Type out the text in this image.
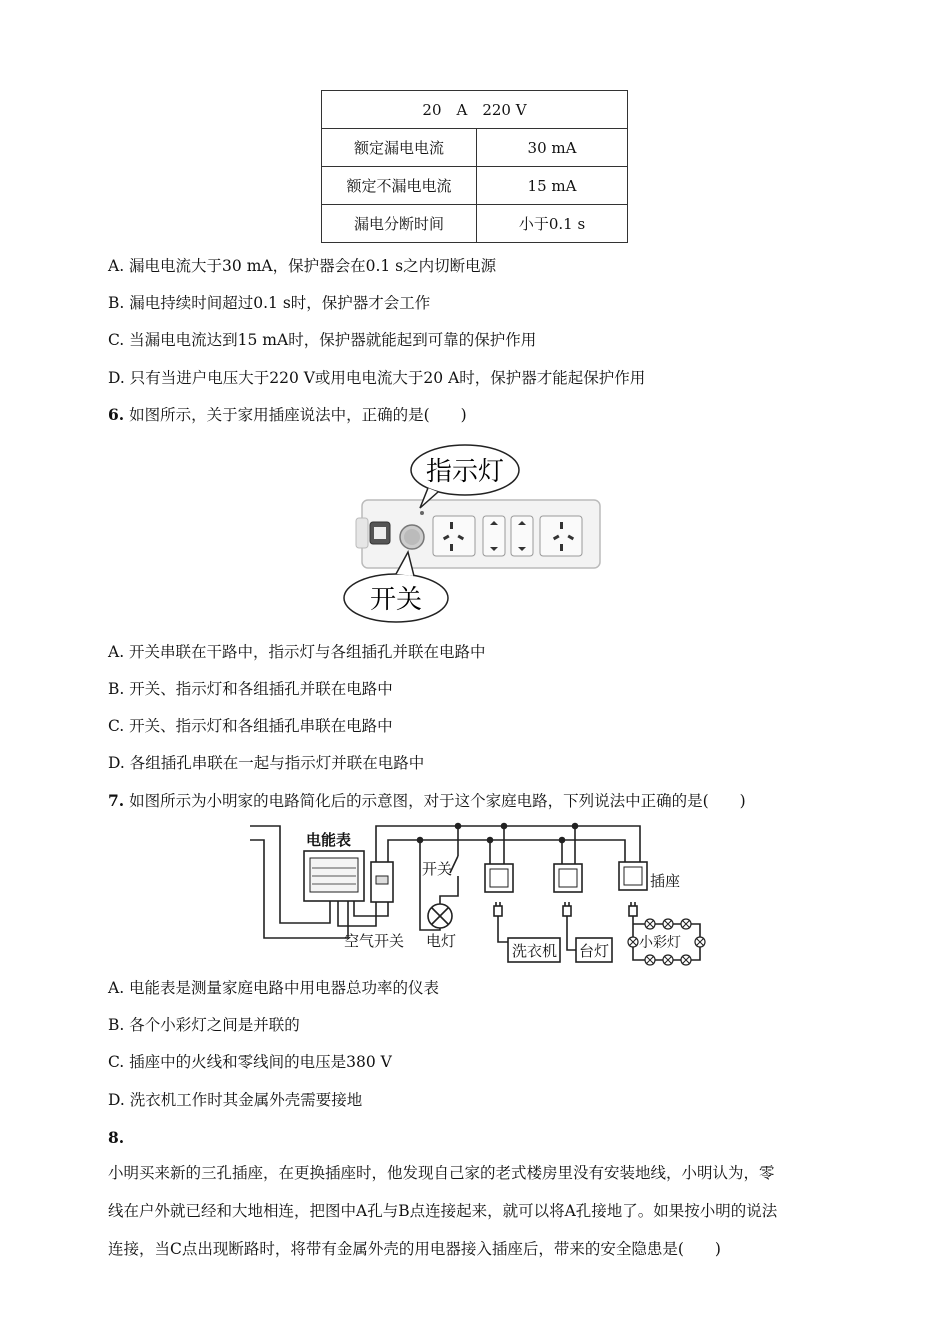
20　A　220 V	
额定漏电电流	30 mA
额定不漏电电流	15 mA
漏电分断时间	小于0.1 s
A. 漏电电流大于30 mA，保护器会在0.1 s之内切断电源
B. 漏电持续时间超过0.1 s时，保护器才会工作
C. 当漏电电流达到15 mA时，保护器就能起到可靠的保护作用
D. 只有当进户电压大于220 V或用电电流大于20 A时，保护器才能起保护作用
6. 如图所示，关于家用插座说法中，正确的是(　　)
指示灯
开关
A. 开关串联在干路中，指示灯与各组插孔并联在电路中
B. 开关、指示灯和各组插孔并联在电路中
C. 开关、指示灯和各组插孔串联在电路中
D. 各组插孔串联在一起与指示灯并联在电路中
7. 如图所示为小明家的电路简化后的示意图，对于这个家庭电路，下列说法中正确的是(　　)
电能表
开关
空气开关 电灯
插座
洗衣机 台灯 小彩灯
A. 电能表是测量家庭电路中用电器总功率的仪表
B. 各个小彩灯之间是并联的
C. 插座中的火线和零线间的电压是380 V
D. 洗衣机工作时其金属外壳需要接地
8.
小明买来新的三孔插座，在更换插座时，他发现自己家的老式楼房里没有安装地线，小明认为，零
线在户外就已经和大地相连，把图中A孔与B点连接起来，就可以将A孔接地了。如果按小明的说法
连接，当C点出现断路时，将带有金属外壳的用电器接入插座后，带来的安全隐患是(　　)
